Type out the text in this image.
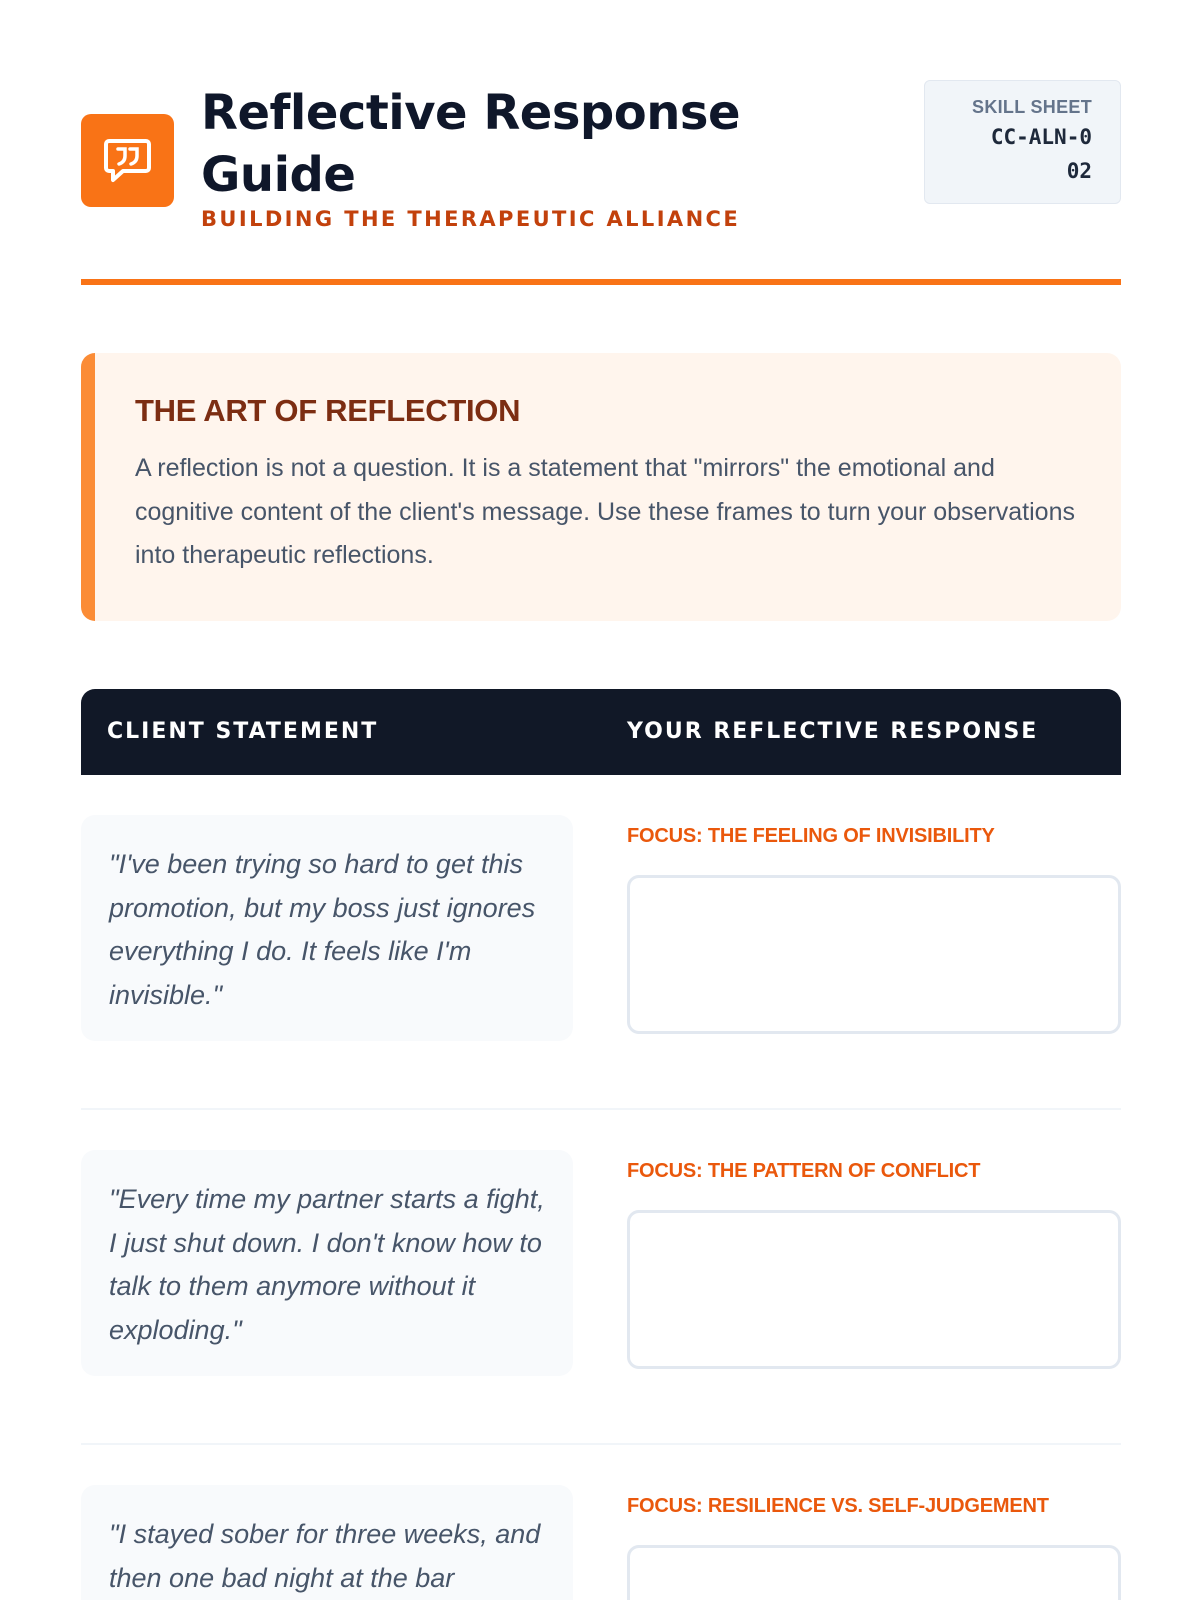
Reflective Response Guide
BUILDING THE THERAPEUTIC ALLIANCE
SKILL SHEET
CC-ALN-002
THE ART OF REFLECTION

A reflection is not a question. It is a statement that "mirrors" the emotional and cognitive content of the client's message. Use these frames to turn your observations into therapeutic reflections.

CLIENT STATEMENT	YOUR REFLECTIVE RESPONSE
"I've been trying so hard to get this promotion, but my boss just ignores everything I do. It feels like I'm invisible."
FOCUS: THE FEELING OF INVISIBILITY
"Every time my partner starts a fight, I just shut down. I don't know how to talk to them anymore without it exploding."
FOCUS: THE PATTERN OF CONFLICT
"I stayed sober for three weeks, and then one bad night at the bar
FOCUS: RESILIENCE VS. SELF-JUDGEMENT
